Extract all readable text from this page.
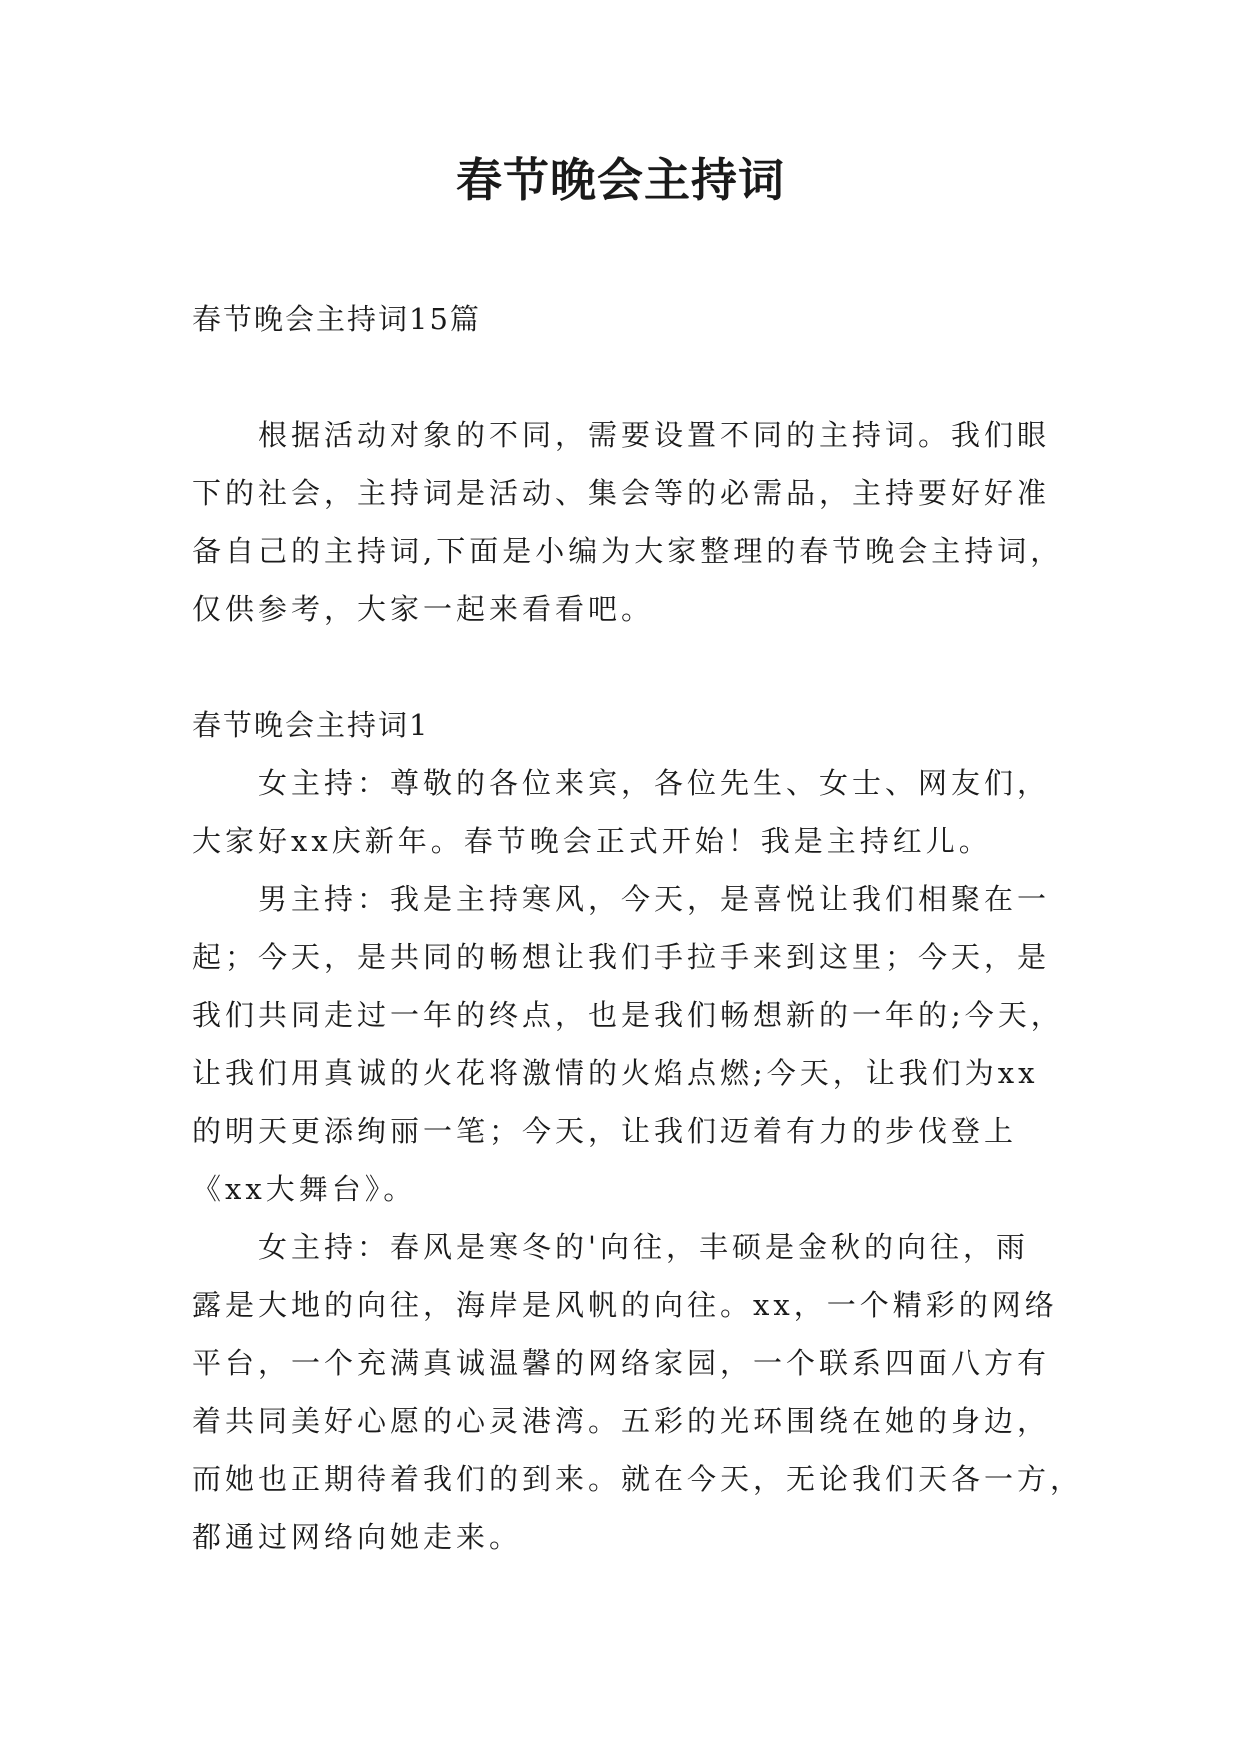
春节晚会主持词
春节晚会主持词15篇
根据活动对象的不同，需要设置不同的主持词。我们眼
下的社会，主持词是活动、集会等的必需品，主持要好好准
备自己的主持词,下面是小编为大家整理的春节晚会主持词，
仅供参考，大家一起来看看吧。
春节晚会主持词1
女主持：尊敬的各位来宾，各位先生、女士、网友们，
大家好xx庆新年。春节晚会正式开始！我是主持红儿。
男主持：我是主持寒风，今天，是喜悦让我们相聚在一
起；今天，是共同的畅想让我们手拉手来到这里；今天，是
我们共同走过一年的终点，也是我们畅想新的一年的;今天，
让我们用真诚的火花将激情的火焰点燃;今天，让我们为xx
的明天更添绚丽一笔；今天，让我们迈着有力的步伐登上
《xx大舞台》。
女主持：春风是寒冬的'向往，丰硕是金秋的向往，雨
露是大地的向往，海岸是风帆的向往。xx，一个精彩的网络
平台，一个充满真诚温馨的网络家园，一个联系四面八方有
着共同美好心愿的心灵港湾。五彩的光环围绕在她的身边，
而她也正期待着我们的到来。就在今天，无论我们天各一方，
都通过网络向她走来。
